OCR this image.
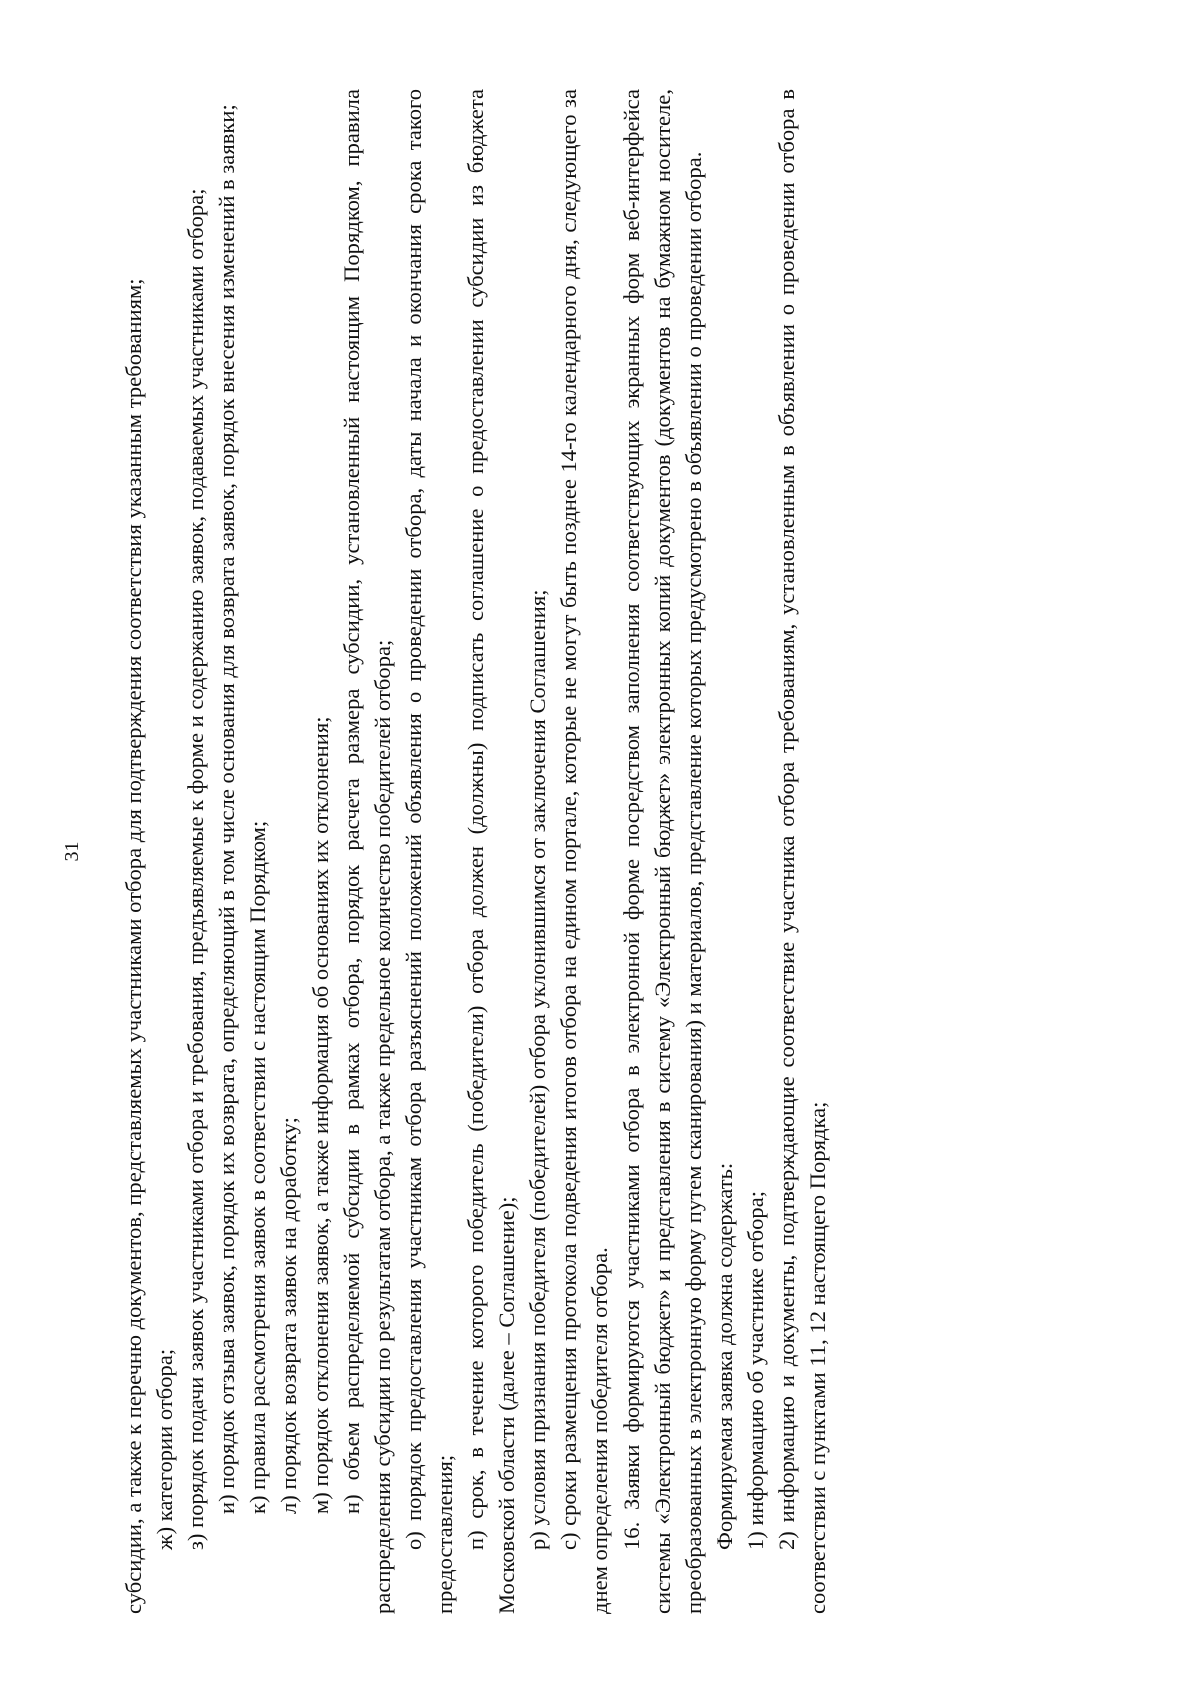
31 субсидии, а также к перечню документов, представляемых участниками отбора для подтверждения соответствия указанным требованиям; ж) категории отбора; з) порядок подачи заявок участниками отбора и требования, предъявляемые к форме и содержанию заявок, подаваемых участниками отбора; и) порядок отзыва заявок, порядок их возврата, определяющий в том числе основания для возврата заявок, порядок внесения изменений в заявки; к) правила рассмотрения заявок в соответствии с настоящим Порядком; л) порядок возврата заявок на доработку; м) порядок отклонения заявок, а также информация об основаниях их отклонения; н) объем распределяемой субсидии в рамках отбора, порядок расчета размера субсидии, установленный настоящим Порядком, правила распределения субсидии по результатам отбора, а также предельное количество победителей отбора; о) порядок предоставления участникам отбора разъяснений положений объявления о проведении отбора, даты начала и окончания срока такого предоставления; п) срок, в течение которого победитель (победители) отбора должен (должны) подписать соглашение о предоставлении субсидии из бюджета Московской области (далее – Соглашение); р) условия признания победителя (победителей) отбора уклонившимся от заключения Соглашения; с) сроки размещения протокола подведения итогов отбора на едином портале, которые не могут быть позднее 14-го календарного дня, следующего за днем определения победителя отбора. 16. Заявки формируются участниками отбора в электронной форме посредством заполнения соответствующих экранных форм веб-интерфейса системы «Электронный бюджет» и представления в систему «Электронный бюджет» электронных копий документов (документов на бумажном носителе, преобразованных в электронную форму путем сканирования) и материалов, представление которых предусмотрено в объявлении о проведении отбора. Формируемая заявка должна содержать: 1) информацию об участнике отбора; 2) информацию и документы, подтверждающие соответствие участника отбора требованиям, установленным в объявлении о проведении отбора в соответствии с пунктами 11, 12 настоящего Порядка;
